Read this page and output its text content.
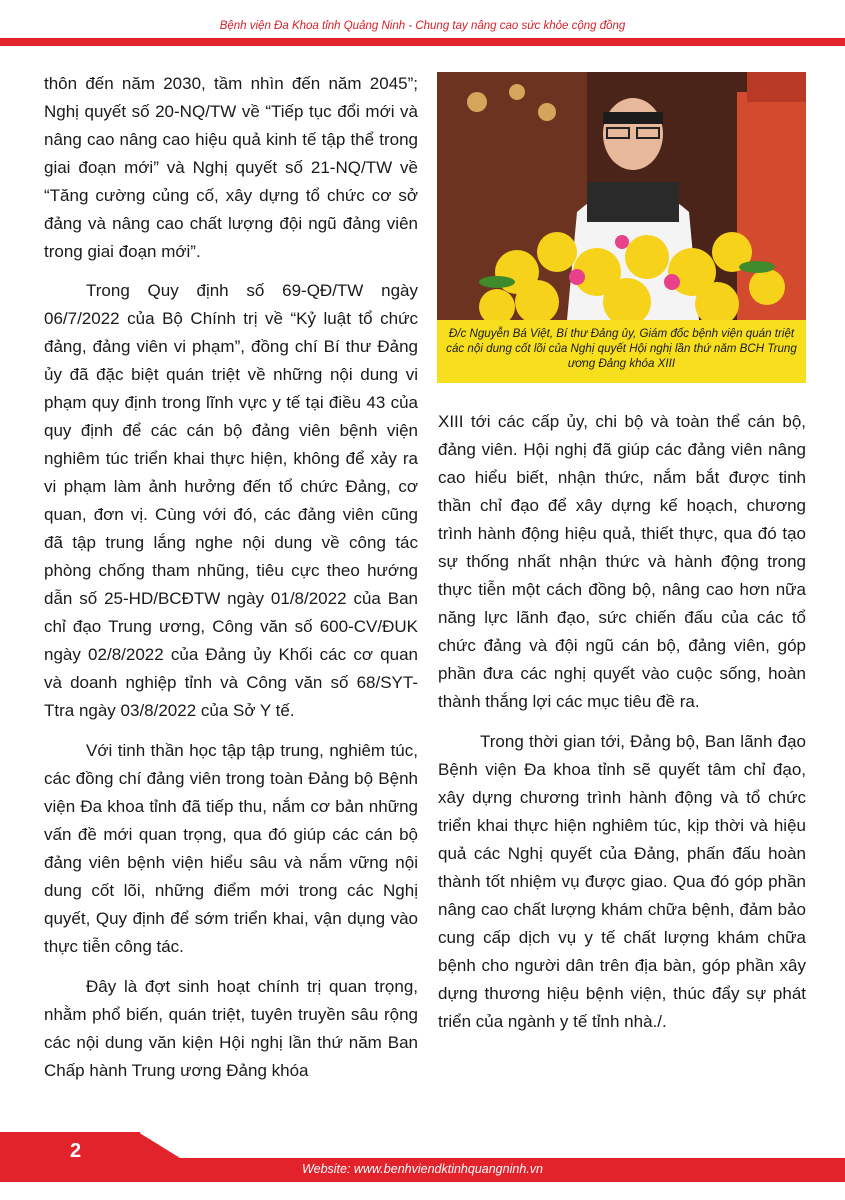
Bệnh viện Đa Khoa tỉnh Quảng Ninh - Chung tay nâng cao sức khỏe cộng đồng

thôn đến năm 2030, tầm nhìn đến năm 2045”; Nghị quyết số 20-NQ/TW về “Tiếp tục đổi mới và nâng cao nâng cao hiệu quả kinh tế tập thể trong giai đoạn mới” và Nghị quyết số 21-NQ/TW về “Tăng cường củng cố, xây dựng tổ chức cơ sở đảng và nâng cao chất lượng đội ngũ đảng viên trong giai đoạn mới”.

Trong Quy định số 69-QĐ/TW ngày 06/7/2022 của Bộ Chính trị về “Kỷ luật tổ chức đảng, đảng viên vi phạm”, đồng chí Bí thư Đảng ủy đã đặc biệt quán triệt về những nội dung vi phạm quy định trong lĩnh vực y tế tại điều 43 của quy định để các cán bộ đảng viên bệnh viện nghiêm túc triển khai thực hiện, không để xảy ra vi phạm làm ảnh hưởng đến tổ chức Đảng, cơ quan, đơn vị. Cùng với đó, các đảng viên cũng đã tập trung lắng nghe nội dung về công tác phòng chống tham nhũng, tiêu cực theo hướng dẫn số 25-HD/BCĐTW ngày 01/8/2022 của Ban chỉ đạo Trung ương, Công văn số 600-CV/ĐUK ngày 02/8/2022 của Đảng ủy Khối các cơ quan và doanh nghiệp tỉnh và Công văn số 68/SYT-Ttra ngày 03/8/2022 của Sở Y tế.

Với tinh thần học tập tập trung, nghiêm túc, các đồng chí đảng viên trong toàn Đảng bộ Bệnh viện Đa khoa tỉnh đã tiếp thu, nắm cơ bản những vấn đề mới quan trọng, qua đó giúp các cán bộ đảng viên bệnh viện hiểu sâu và nắm vững nội dung cốt lõi, những điểm mới trong các Nghị quyết, Quy định để sớm triển khai, vận dụng vào thực tiễn công tác.

Đây là đợt sinh hoạt chính trị quan trọng, nhằm phổ biến, quán triệt, tuyên truyền sâu rộng các nội dung văn kiện Hội nghị lần thứ năm Ban Chấp hành Trung ương Đảng khóa

Đ/c Nguyễn Bá Việt, Bí thư Đảng ủy, Giám đốc bệnh viện quán triệt các nội dung cốt lõi của Nghị quyết Hội nghị lần thứ năm BCH Trung ương Đảng khóa XIII

XIII tới các cấp ủy, chi bộ và toàn thể cán bộ, đảng viên. Hội nghị đã giúp các đảng viên nâng cao hiểu biết, nhận thức, nắm bắt được tinh thần chỉ đạo để xây dựng kế hoạch, chương trình hành động hiệu quả, thiết thực, qua đó tạo sự thống nhất nhận thức và hành động trong thực tiễn một cách đồng bộ, nâng cao hơn nữa năng lực lãnh đạo, sức chiến đấu của các tổ chức đảng và đội ngũ cán bộ, đảng viên, góp phần đưa các nghị quyết vào cuộc sống, hoàn thành thắng lợi các mục tiêu đề ra.

Trong thời gian tới, Đảng bộ, Ban lãnh đạo Bệnh viện Đa khoa tỉnh sẽ quyết tâm chỉ đạo, xây dựng chương trình hành động và tổ chức triển khai thực hiện nghiêm túc, kịp thời và hiệu quả các Nghị quyết của Đảng, phấn đấu hoàn thành tốt nhiệm vụ được giao. Qua đó góp phần nâng cao chất lượng khám chữa bệnh, đảm bảo cung cấp dịch vụ y tế chất lượng khám chữa bệnh cho người dân trên địa bàn, góp phần xây dựng thương hiệu bệnh viện, thúc đẩy sự phát triển của ngành y tế tỉnh nhà./.

2
Website: www.benhviendktinhquangninh.vn
